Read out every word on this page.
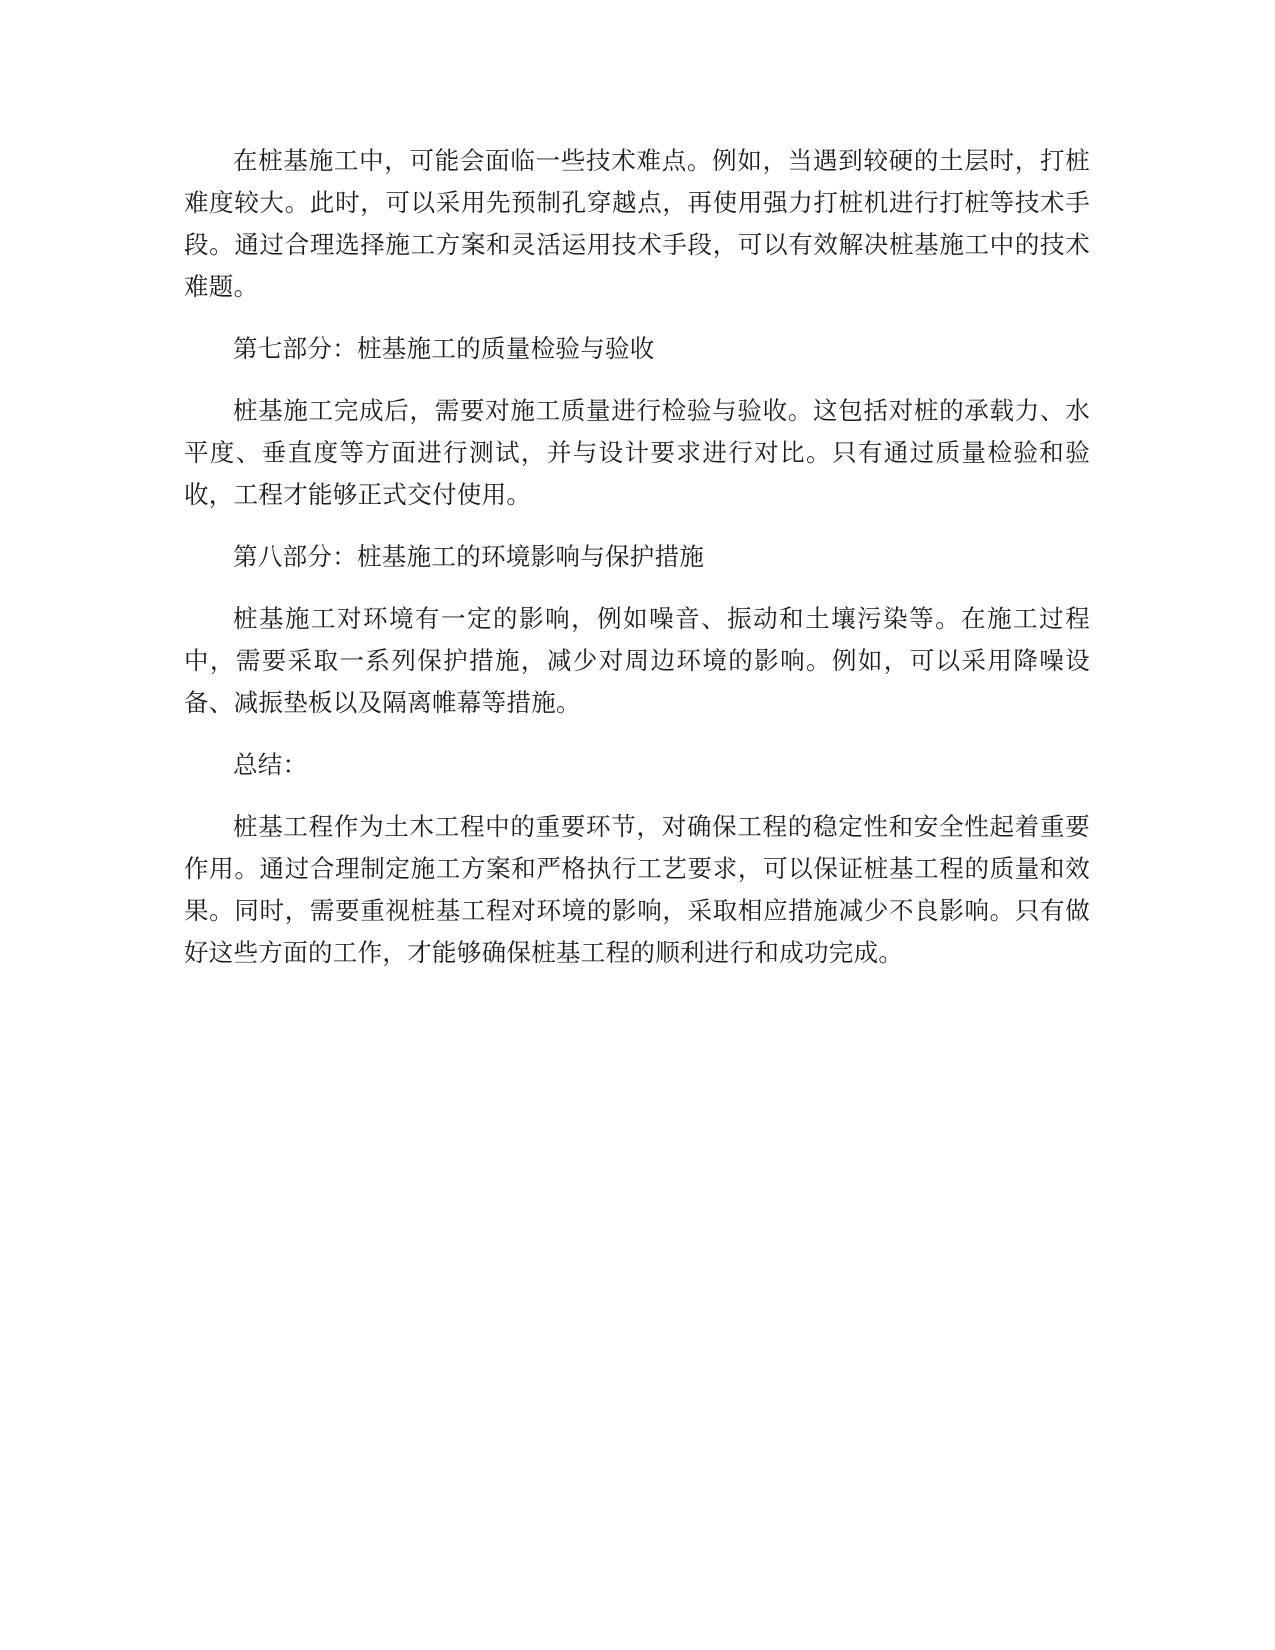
在桩基施工中，可能会面临一些技术难点。例如，当遇到较硬的土层时，打桩难度较大。此时，可以采用先预制孔穿越点，再使用强力打桩机进行打桩等技术手段。通过合理选择施工方案和灵活运用技术手段，可以有效解决桩基施工中的技术难题。

第七部分：桩基施工的质量检验与验收

桩基施工完成后，需要对施工质量进行检验与验收。这包括对桩的承载力、水平度、垂直度等方面进行测试，并与设计要求进行对比。只有通过质量检验和验收，工程才能够正式交付使用。

第八部分：桩基施工的环境影响与保护措施

桩基施工对环境有一定的影响，例如噪音、振动和土壤污染等。在施工过程中，需要采取一系列保护措施，减少对周边环境的影响。例如，可以采用降噪设备、减振垫板以及隔离帷幕等措施。

总结：

桩基工程作为土木工程中的重要环节，对确保工程的稳定性和安全性起着重要作用。通过合理制定施工方案和严格执行工艺要求，可以保证桩基工程的质量和效果。同时，需要重视桩基工程对环境的影响，采取相应措施减少不良影响。只有做好这些方面的工作，才能够确保桩基工程的顺利进行和成功完成。
